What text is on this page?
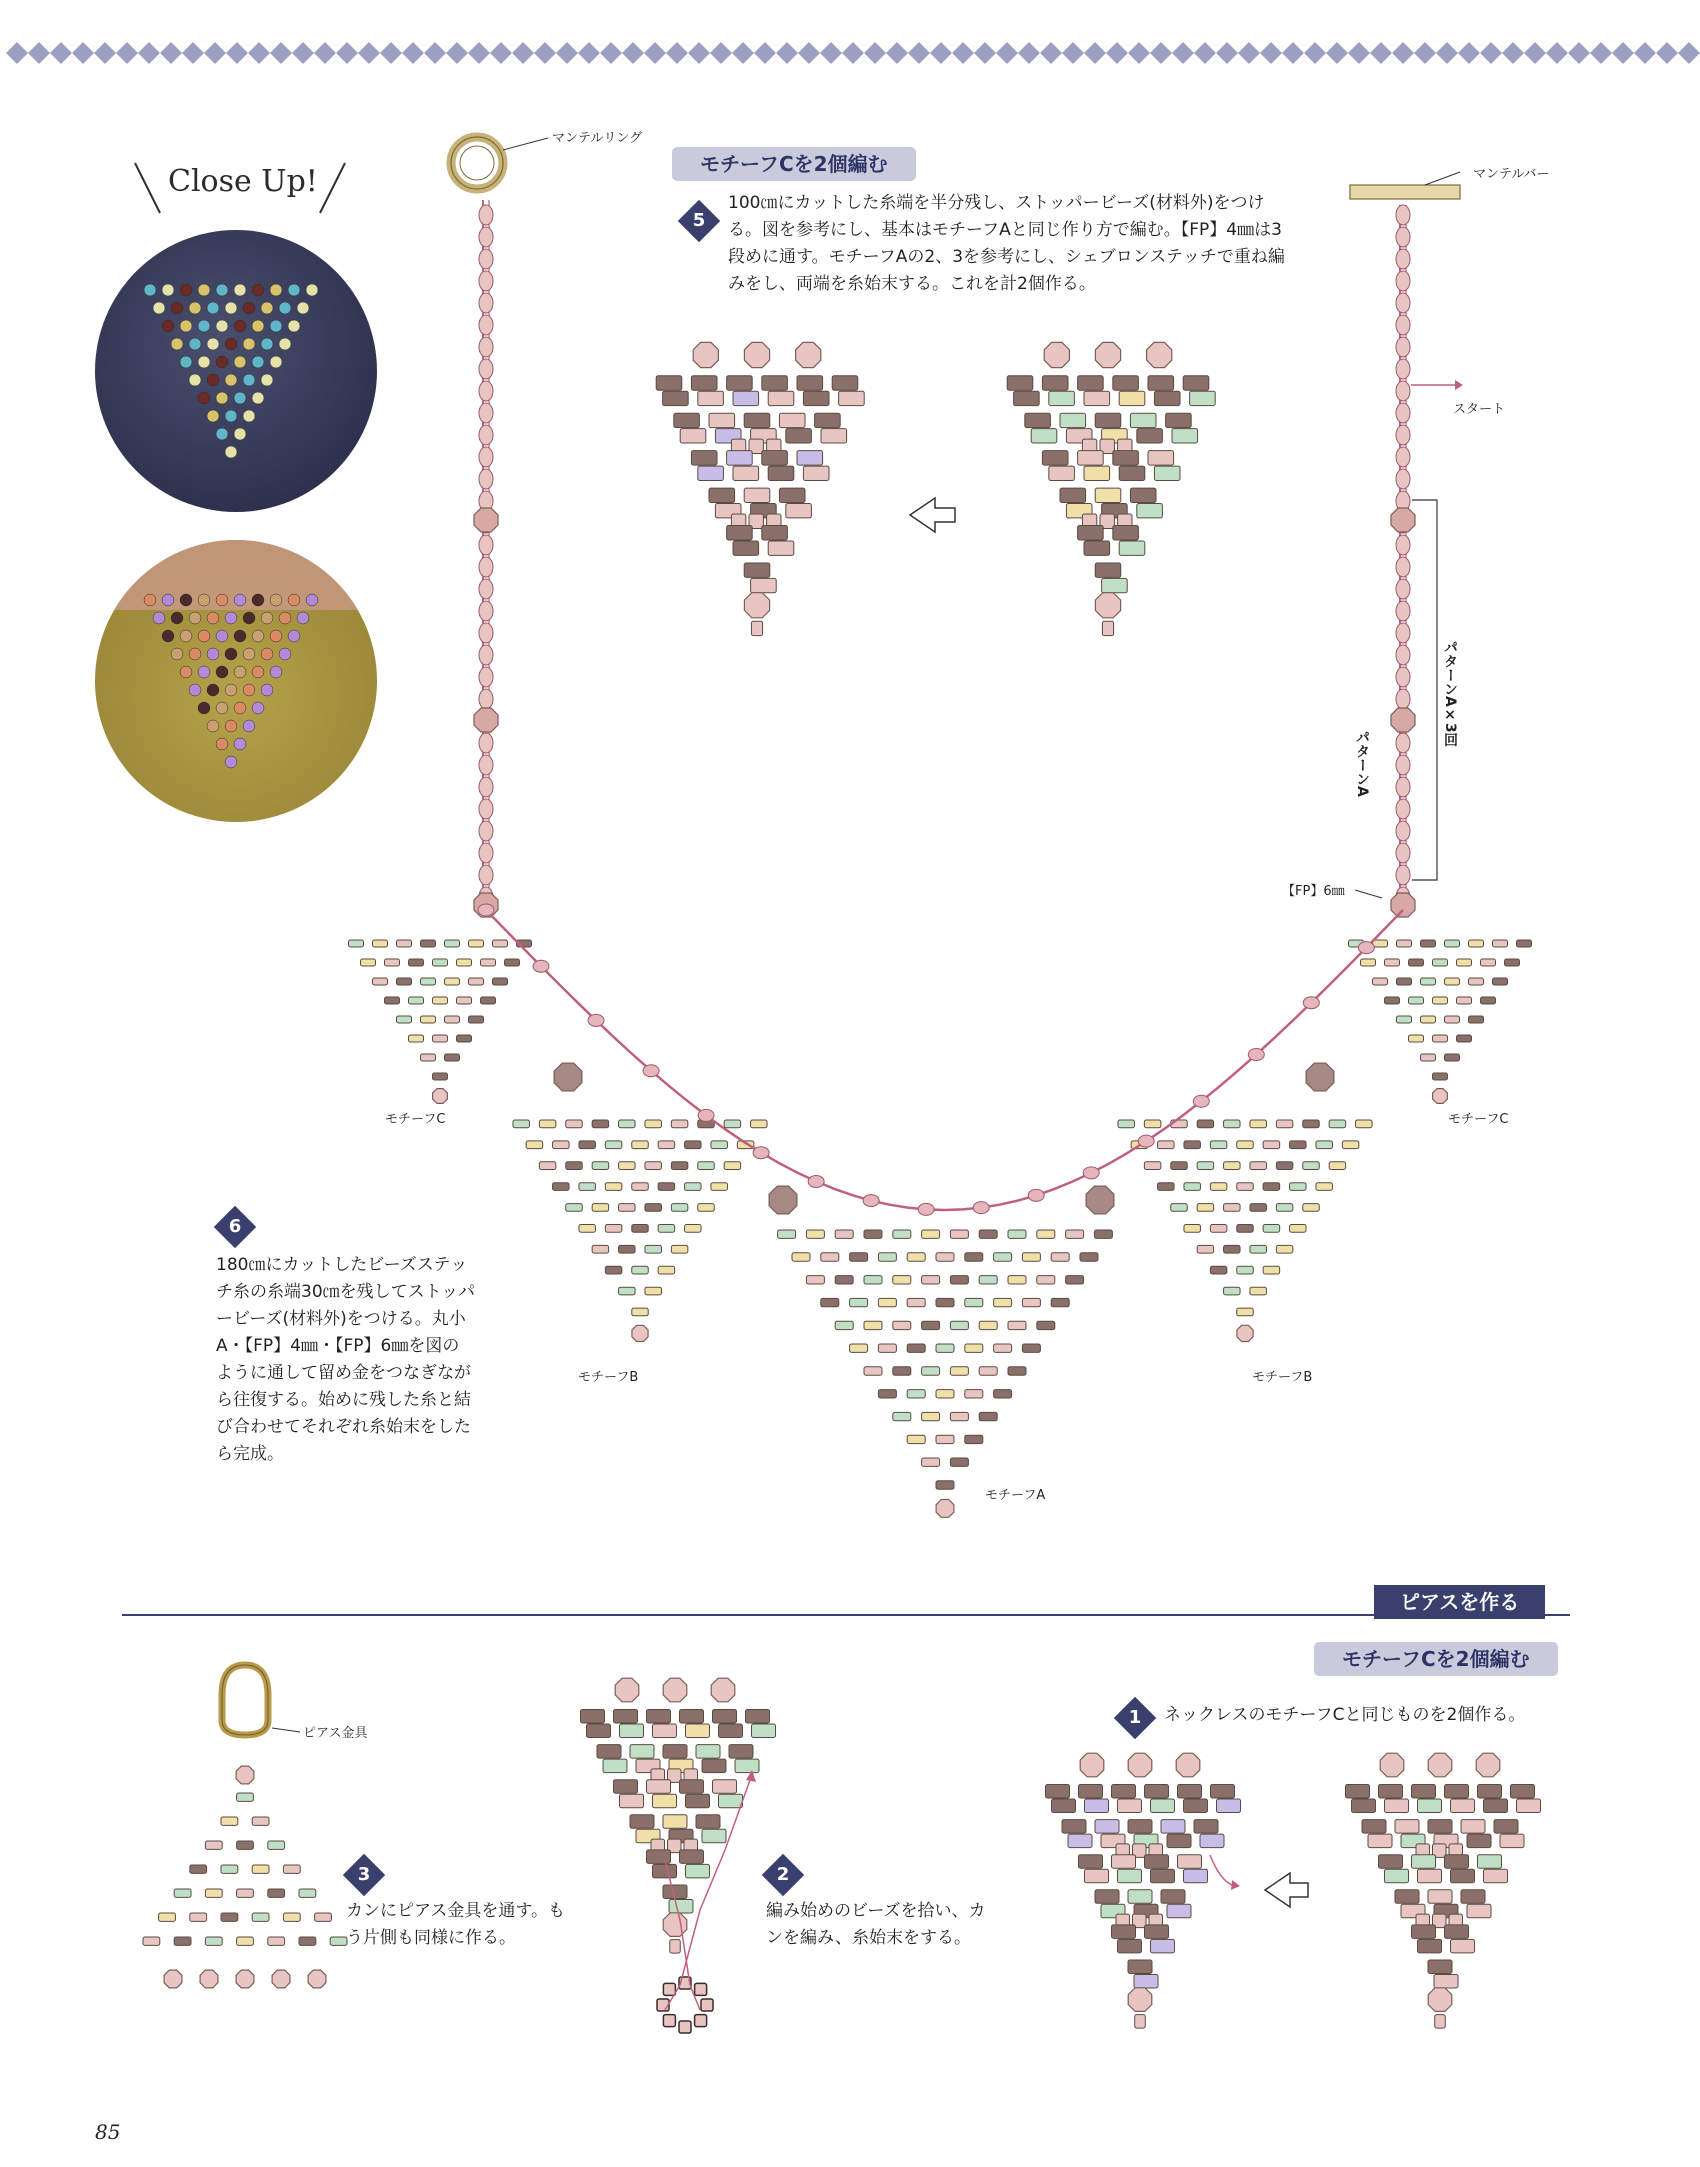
Close Up!	モチーフCを2個編む
5
100㎝にカットした糸端を半分残し、ストッパービーズ(材料外)をつける。図を参考にし、基本はモチーフAと同じ作り方で編む。【FP】4㎜は3段めに通す。モチーフAの2、3を参考にし、シェブロンステッチで重ね編みをし、両端を糸始末する。これを計2個作る。
6
180㎝にカットしたビーズステッチ糸の糸端30㎝を残してストッパービーズ(材料外)をつける。丸小A・【FP】4㎜・【FP】6㎜を図のように通して留め金をつなぎながら往復する。始めに残した糸と結び合わせてそれぞれ糸始末をしたら完成。
マンテルリング
マンテルバー
スタート
パターンA×3回
パターンA
【FP】6㎜
モチーフC	モチーフC
モチーフB	モチーフB
モチーフA
ピアスを作る
モチーフCを2個編む
ピアス金具
1	ネックレスのモチーフCと同じものを2個作る。
2
編み始めのビーズを拾い、カンを編み、糸始末をする。
3
カンにピアス金具を通す。もう片側も同様に作る。
85
